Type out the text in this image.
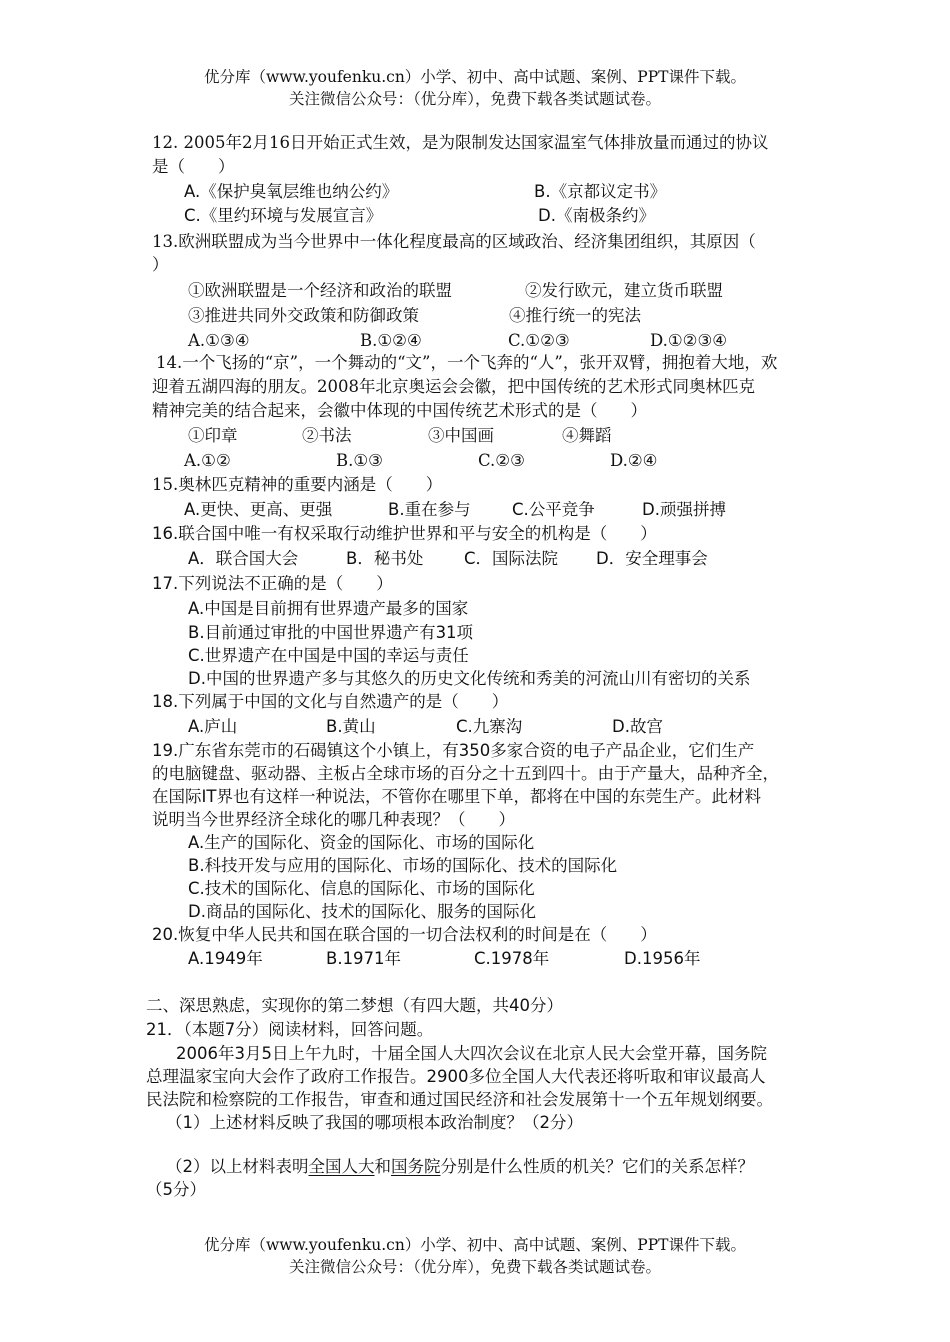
优分库（www.youfenku.cn）小学、初中、高中试题、案例、PPT课件下载。
关注微信公众号：（优分库），免费下载各类试题试卷。
12. 2005年2月16日开始正式生效，是为限制发达国家温室气体排放量而通过的协议
是（　　）
A.《保护臭氧层维也纳公约》	B.《京都议定书》
C.《里约环境与发展宣言》	D.《南极条约》
13.欧洲联盟成为当今世界中一体化程度最高的区域政治、经济集团组织，其原因（
）
①欧洲联盟是一个经济和政治的联盟	②发行欧元，建立货币联盟
③推进共同外交政策和防御政策	④推行统一的宪法
A.①③④	B.①②④	C.①②③	D.①②③④
14.一个飞扬的“京”，一个舞动的“文”，一个飞奔的“人”，张开双臂，拥抱着大地，欢
迎着五湖四海的朋友。2008年北京奥运会会徽，把中国传统的艺术形式同奥林匹克
精神完美的结合起来，会徽中体现的中国传统艺术形式的是（　　）
①印章	②书法	③中国画	④舞蹈
A.①②	B.①③	C.②③	D.②④
15.奥林匹克精神的重要内涵是（　　）
A.更快、更高、更强	B.重在参与	C.公平竞争	D.顽强拼搏
16.联合国中唯一有权采取行动维护世界和平与安全的机构是（　　）
A．联合国大会	B．秘书处 C．国际法院 D．安全理事会
17.下列说法不正确的是（　　）
A.中国是目前拥有世界遗产最多的国家
B.目前通过审批的中国世界遗产有31项
C.世界遗产在中国是中国的幸运与责任
D.中国的世界遗产多与其悠久的历史文化传统和秀美的河流山川有密切的关系
18.下列属于中国的文化与自然遗产的是（　　）
A.庐山	B.黄山	C.九寨沟	D.故宫
19.广东省东莞市的石碣镇这个小镇上，有350多家合资的电子产品企业，它们生产
的电脑键盘、驱动器、主板占全球市场的百分之十五到四十。由于产量大，品种齐全，
在国际IT界也有这样一种说法，不管你在哪里下单，都将在中国的东莞生产。此材料
说明当今世界经济全球化的哪几种表现？（　　）
A.生产的国际化、资金的国际化、市场的国际化
B.科技开发与应用的国际化、市场的国际化、技术的国际化
C.技术的国际化、信息的国际化、市场的国际化
D.商品的国际化、技术的国际化、服务的国际化
20.恢复中华人民共和国在联合国的一切合法权利的时间是在（　　）
A.1949年	B.1971年	C.1978年	D.1956年
二、深思熟虑，实现你的第二梦想（有四大题，共40分）
21．（本题7分）阅读材料，回答问题。
2006年3月5日上午九时，十届全国人大四次会议在北京人民大会堂开幕，国务院
总理温家宝向大会作了政府工作报告。2900多位全国人大代表还将听取和审议最高人
民法院和检察院的工作报告，审查和通过国民经济和社会发展第十一个五年规划纲要。
（1）上述材料反映了我国的哪项根本政治制度？（2分）
（2）以上材料表明全国人大和国务院分别是什么性质的机关？它们的关系怎样？
（5分）
优分库（www.youfenku.cn）小学、初中、高中试题、案例、PPT课件下载。
关注微信公众号：（优分库），免费下载各类试题试卷。
